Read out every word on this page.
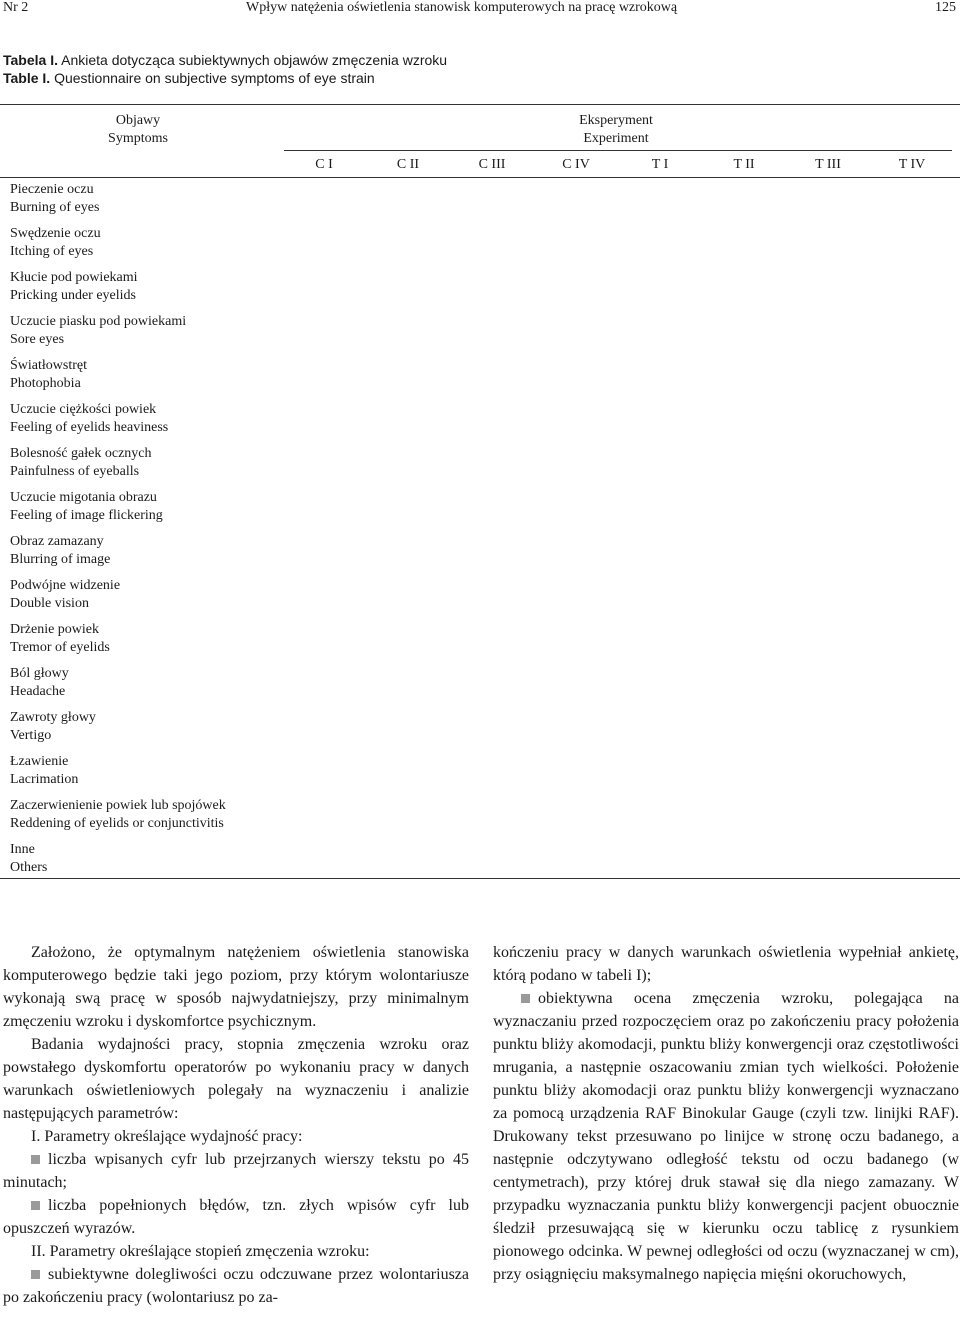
Nr 2	Wpływ natężenia oświetlenia stanowisk komputerowych na pracę wzrokową	125
Tabela I. Ankieta dotycząca subiektywnych objawów zmęczenia wzroku
Table I. Questionnaire on subjective symptoms of eye strain
Objawy
Symptoms
Eksperyment
Experiment
C I	C II	C III	C IV	T I	T II	T III	T IV
Pieczenie oczu
Burning of eyes
Swędzenie oczu
Itching of eyes
Kłucie pod powiekami
Pricking under eyelids
Uczucie piasku pod powiekami
Sore eyes
Światłowstręt
Photophobia
Uczucie ciężkości powiek
Feeling of eyelids heaviness
Bolesność gałek ocznych
Painfulness of eyeballs
Uczucie migotania obrazu
Feeling of image flickering
Obraz zamazany
Blurring of image
Podwójne widzenie
Double vision
Drżenie powiek
Tremor of eyelids
Ból głowy
Headache
Zawroty głowy
Vertigo
Łzawienie
Lacrimation
Zaczerwienienie powiek lub spojówek
Reddening of eyelids or conjunctivitis
Inne
Others

Założono, że optymalnym natężeniem oświetlenia stanowiska komputerowego będzie taki jego poziom, przy którym wolontariusze wykonają swą pracę w sposób najwydatniejszy, przy minimalnym zmęczeniu wzroku i dyskomfortce psychicznym.

Badania wydajności pracy, stopnia zmęczenia wzroku oraz powstałego dyskomfortu operatorów po wykonaniu pracy w danych warunkach oświetleniowych polegały na wyznaczeniu i analizie następujących parametrów:

I. Parametry określające wydajność pracy:

liczba wpisanych cyfr lub przejrzanych wierszy tekstu po 45 minutach;

liczba popełnionych błędów, tzn. złych wpisów cyfr lub opuszczeń wyrazów.

II. Parametry określające stopień zmęczenia wzroku:

subiektywne dolegliwości oczu odczuwane przez wolontariusza po zakończeniu pracy (wolontariusz po za-

kończeniu pracy w danych warunkach oświetlenia wypełniał ankietę, którą podano w tabeli I);

obiektywna ocena zmęczenia wzroku, polegająca na wyznaczaniu przed rozpoczęciem oraz po zakończeniu pracy położenia punktu bliży akomodacji, punktu bliży konwergencji oraz częstotliwości mrugania, a następnie oszacowaniu zmian tych wielkości. Położenie punktu bliży akomodacji oraz punktu bliży konwergencji wyznaczano za pomocą urządzenia RAF Binokular Gauge (czyli tzw. linijki RAF). Drukowany tekst przesuwano po linijce w stronę oczu badanego, a następnie odczytywano odległość tekstu od oczu badanego (w centymetrach), przy której druk stawał się dla niego zamazany. W przypadku wyznaczania punktu bliży konwergencji pacjent obuocznie śledził przesuwającą się w kierunku oczu tablicę z rysunkiem pionowego odcinka. W pewnej odległości od oczu (wyznaczanej w cm), przy osiągnięciu maksymalnego napięcia mięśni okoruchowych,
